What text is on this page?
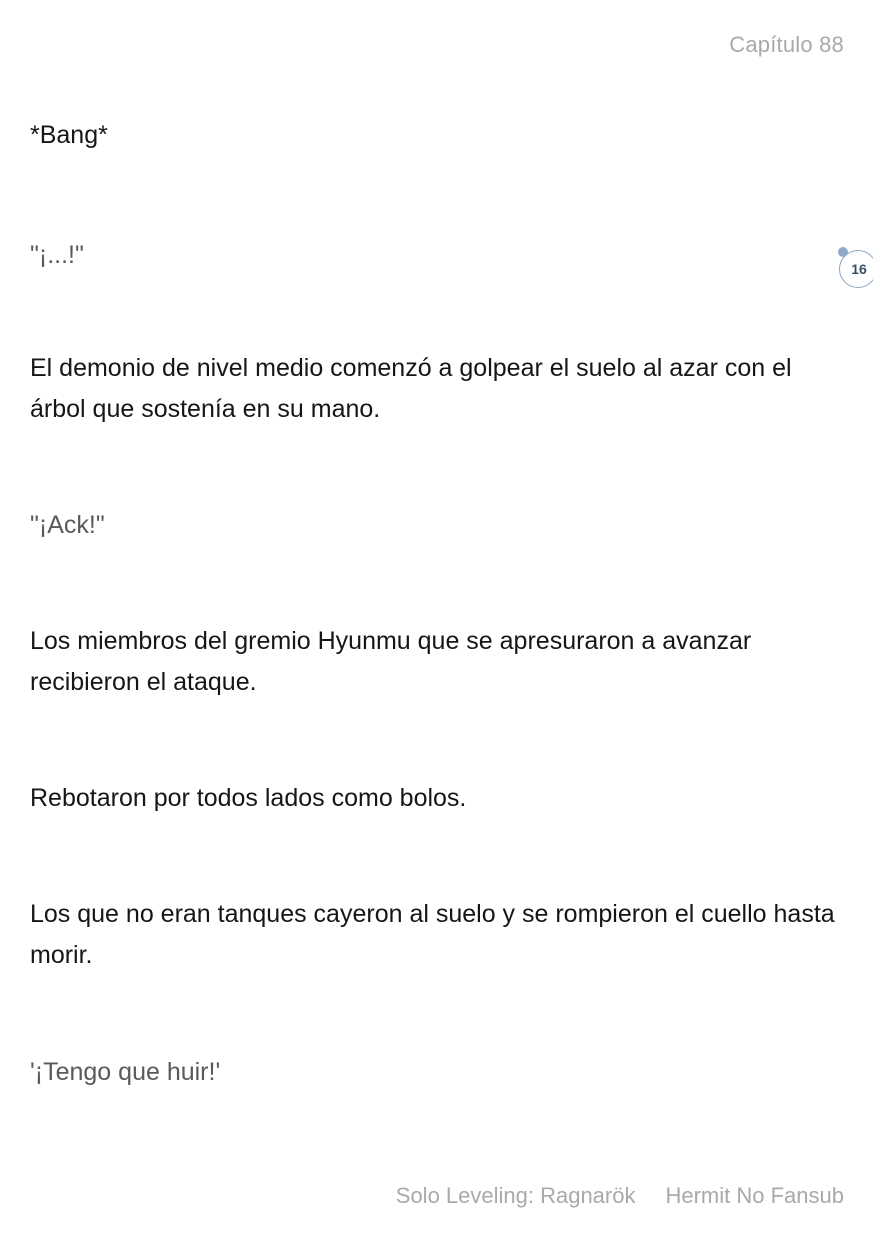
Capítulo 88
*Bang*
"¡...!"	16
El demonio de nivel medio comenzó a golpear el suelo al azar con el árbol que sostenía en su mano.
"¡Ack!"
Los miembros del gremio Hyunmu que se apresuraron a avanzar recibieron el ataque.
Rebotaron por todos lados como bolos.
Los que no eran tanques cayeron al suelo y se rompieron el cuello hasta morir.
'¡Tengo que huir!'
Solo Leveling: Ragnarök Hermit No Fansub
